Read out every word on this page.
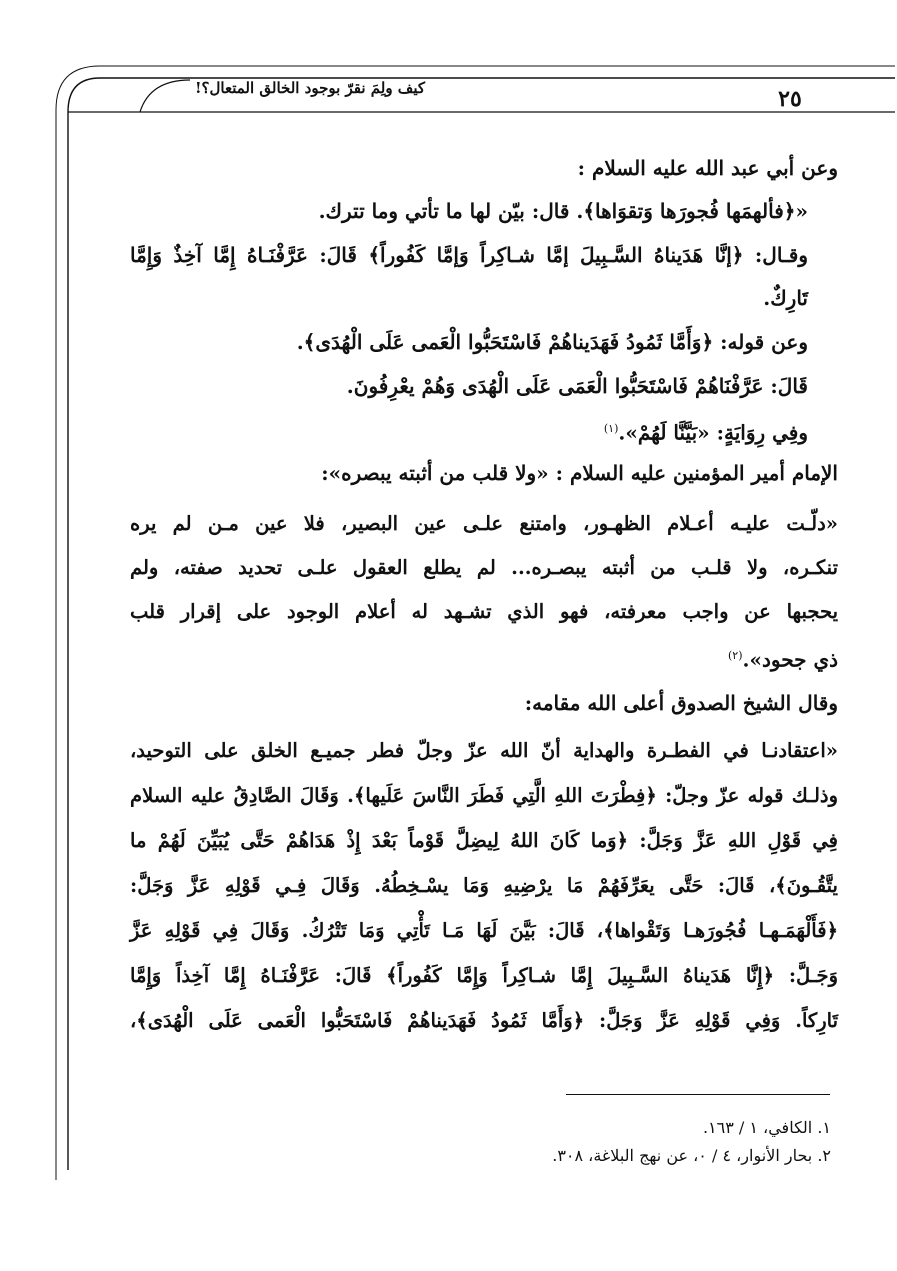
٢٥
كيف ولِمَ نقرّ بوجود الخالق المتعال؟!
وعن أبي عبد الله عليه السلام :
«﴿فألهمَها فُجورَها وَتقوَاها﴾. قال: بيّن لها ما تأتي وما تترك.
وقـال: ﴿إنَّا هَدَيناهُ السَّـبِيلَ إمَّا شـاكِراً وَإمَّا كَفُوراً﴾ قَالَ: عَرَّفْنَـاهُ إِمَّا آخِذٌ وَإِمَّا
تَارِكٌ.
وعن قوله: ﴿وَأَمَّا ثَمُودُ فَهَدَيناهُمْ فَاسْتَحَبُّوا الْعَمى عَلَى الْهُدَى﴾.
قَالَ: عَرَّفْنَاهُمْ فَاسْتَحَبُّوا الْعَمَى عَلَى الْهُدَى وَهُمْ يعْرِفُونَ.
وفِي رِوَايَةٍ: «بَيَّنَّا لَهُمْ».$^{(١)}$
الإمام أمير المؤمنين عليه السلام : «ولا قلب من أثبته يبصره»:
«دلّـت عليـه أعـلام الظهـور، وامتنع علـى عين البصير، فلا عين مـن لم يره
تنكـره، ولا قلـب من أثبته يبصـره... لم يطلع العقول علـى تحديد صفته، ولم
يحجبها عن واجب معرفته، فهو الذي تشـهد له أعلام الوجود على إقرار قلب
ذي جحود».$^{(٢)}$
وقال الشيخ الصدوق أعلى الله مقامه:
«اعتقادنـا في الفطـرة والهداية أنّ الله عزّ وجلّ فطر جميـع الخلق على التوحيد،
وذلـك قوله عزّ وجلّ: ﴿فِطْرَتَ اللهِ الَّتِي فَطَرَ النَّاسَ عَلَيها﴾. وَقَالَ الصَّادِقُ عليه السلام
فِي قَوْلِ اللهِ عَزَّ وَجَلَّ: ﴿وَما كَانَ اللهُ لِيضِلَّ قَوْماً بَعْدَ إِذْ هَدَاهُمْ حَتَّى يُبَيِّنَ لَهُمْ ما
يتَّقُـونَ﴾، قَالَ: حَتَّى يعَرِّفَهُمْ مَا يرْضِيهِ وَمَا يسْـخِطُهُ. وَقَالَ فِـي قَوْلِهِ عَزَّ وَجَلَّ:
﴿فَأَلْهَمَـهـا فُجُورَهـا وَتَقْواها﴾، قَالَ: بَيَّنَ لَهَا مَـا تَأْتِي وَمَا تَتْرُكُ. وَقَالَ فِي قَوْلِهِ عَزَّ
وَجَـلَّ: ﴿إِنَّا هَدَيناهُ السَّـبِيلَ إِمَّا شـاكِراً وَإِمَّا كَفُوراً﴾ قَالَ: عَرَّفْنَـاهُ إِمَّا آخِذاً وَإِمَّا
تَارِكاً. وَفِي قَوْلِهِ عَزَّ وَجَلَّ: ﴿وَأَمَّا ثَمُودُ فَهَدَيناهُمْ فَاسْتَحَبُّوا الْعَمى عَلَى الْهُدَى﴾،
١. الكافي، ١ / ١٦٣.
٢. بحار الأنوار، ٤ / ٠، عن نهج البلاغة، ٣٠٨.
